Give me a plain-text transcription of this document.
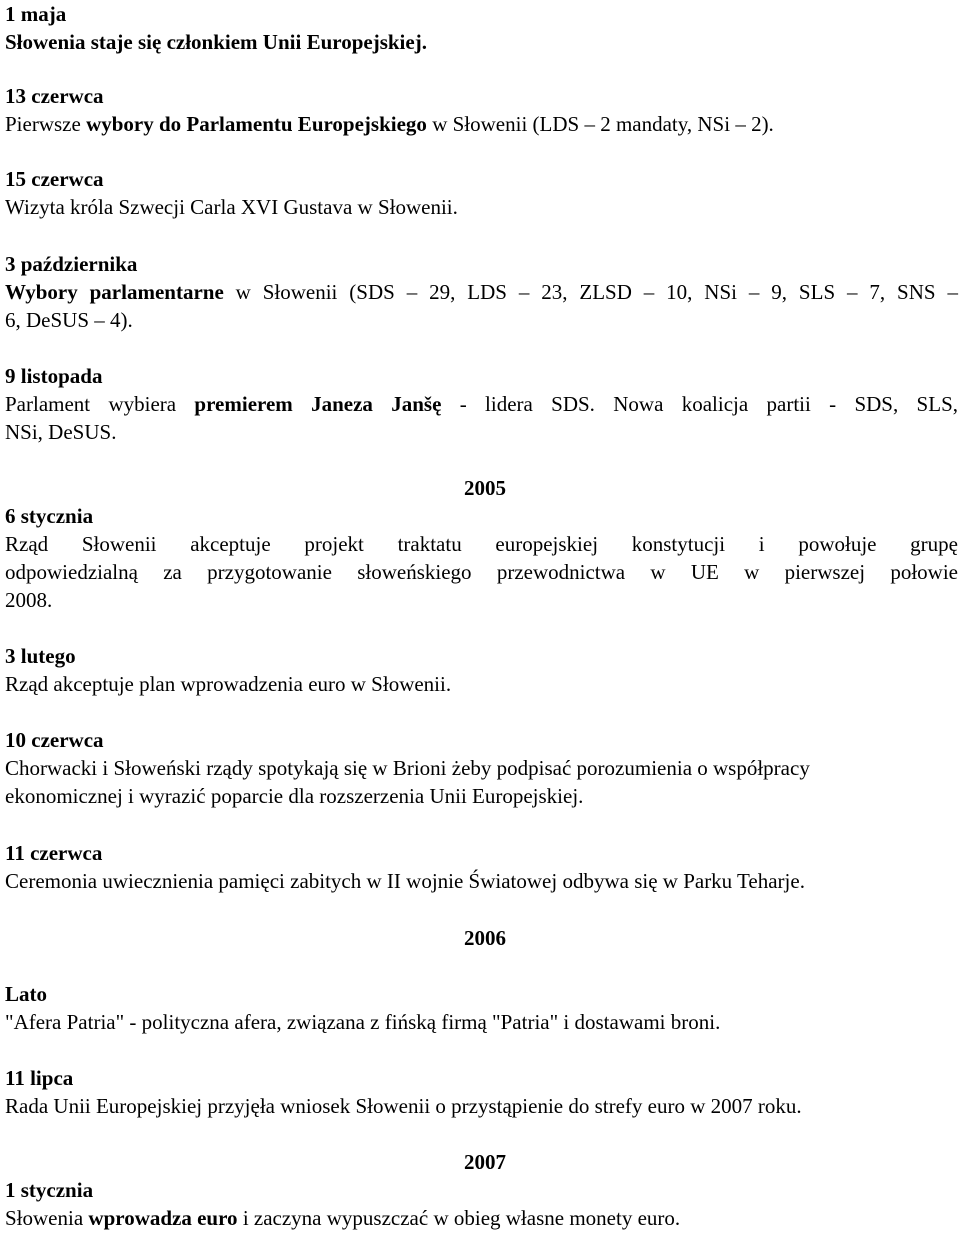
1 maja
Słowenia staje się członkiem Unii Europejskiej.
13 czerwca
Pierwsze wybory do Parlamentu Europejskiego w Słowenii (LDS – 2 mandaty, NSi – 2).
15 czerwca
Wizyta króla Szwecji Carla XVI Gustava w Słowenii.
3 października
Wybory parlamentarne w Słowenii (SDS – 29, LDS – 23, ZLSD – 10, NSi – 9, SLS – 7, SNS –
6, DeSUS – 4).
9 listopada
Parlament wybiera premierem Janeza Janšę - lidera SDS. Nowa koalicja partii - SDS, SLS,
NSi, DeSUS.
2005
6 stycznia
Rząd Słowenii akceptuje projekt traktatu europejskiej konstytucji i powołuje grupę
odpowiedzialną za przygotowanie słoweńskiego przewodnictwa w UE w pierwszej połowie
2008.
3 lutego
Rząd akceptuje plan wprowadzenia euro w Słowenii.
10 czerwca
Chorwacki i Słoweński rządy spotykają się w Brioni żeby podpisać porozumienia o współpracy
ekonomicznej i wyrazić poparcie dla rozszerzenia Unii Europejskiej.
11 czerwca
Ceremonia uwiecznienia pamięci zabitych w II wojnie Światowej odbywa się w Parku Teharje.
2006
Lato
"Afera Patria" - polityczna afera, związana z fińską firmą "Patria" i dostawami broni.
11 lipca
Rada Unii Europejskiej przyjęła wniosek Słowenii o przystąpienie do strefy euro w 2007 roku.
2007
1 stycznia
Słowenia wprowadza euro i zaczyna wypuszczać w obieg własne monety euro.
